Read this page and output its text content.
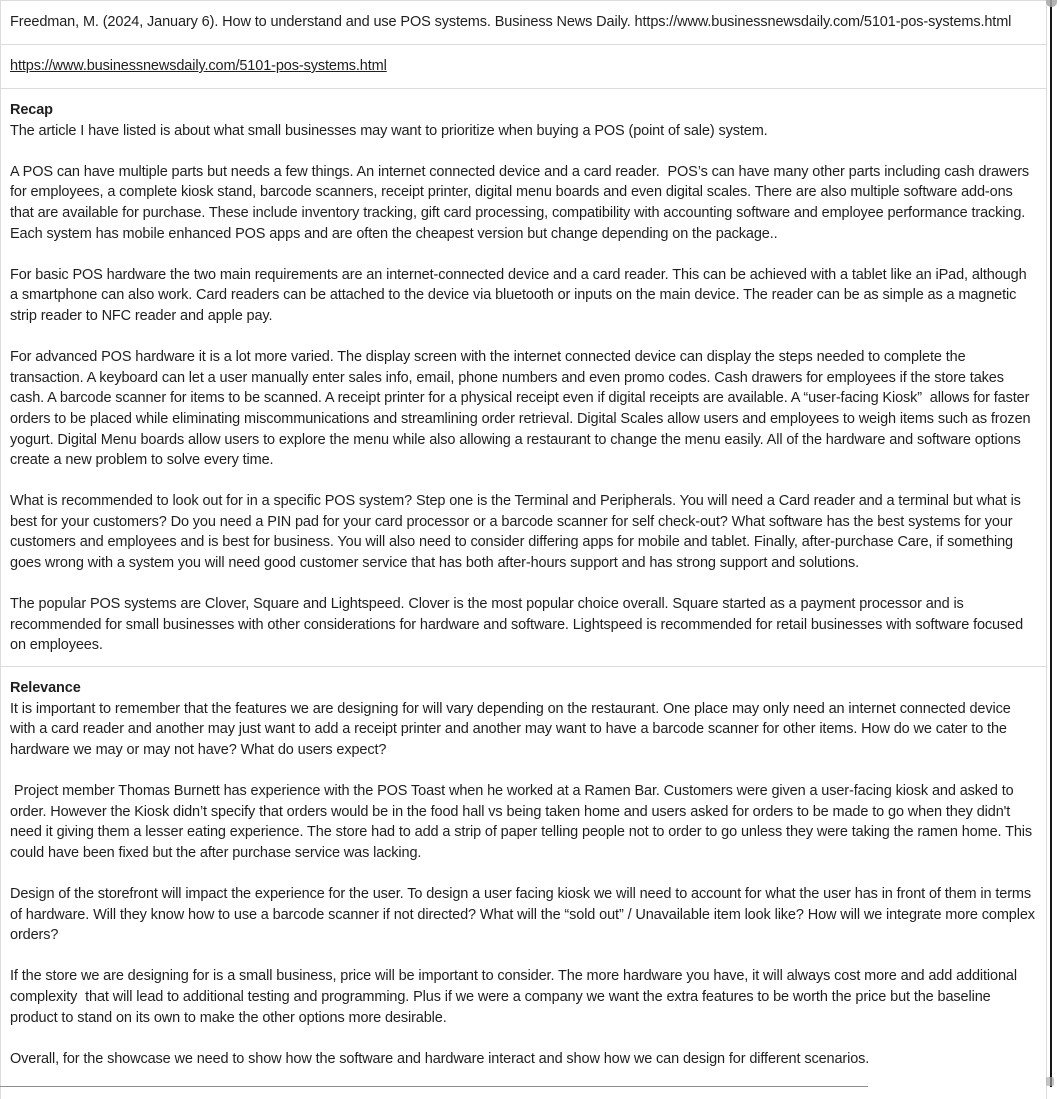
Freedman, M. (2024, January 6). How to understand and use POS systems. Business News Daily. https://www.businessnewsdaily.com/5101-pos-systems.html
https://www.businessnewsdaily.com/5101-pos-systems.html
Recap

The article I have listed is about what small businesses may want to prioritize when buying a POS (point of sale) system.

A POS can have multiple parts but needs a few things. An internet connected device and a card reader.  POS’s can have many other parts including cash drawers for employees, a complete kiosk stand, barcode scanners, receipt printer, digital menu boards and even digital scales. There are also multiple software add-ons that are available for purchase. These include inventory tracking, gift card processing, compatibility with accounting software and employee performance tracking. Each system has mobile enhanced POS apps and are often the cheapest version but change depending on the package..

For basic POS hardware the two main requirements are an internet-connected device and a card reader. This can be achieved with a tablet like an iPad, although a smartphone can also work. Card readers can be attached to the device via bluetooth or inputs on the main device. The reader can be as simple as a magnetic strip reader to NFC reader and apple pay.

For advanced POS hardware it is a lot more varied. The display screen with the internet connected device can display the steps needed to complete the transaction. A keyboard can let a user manually enter sales info, email, phone numbers and even promo codes. Cash drawers for employees if the store takes cash. A barcode scanner for items to be scanned. A receipt printer for a physical receipt even if digital receipts are available. A “user-facing Kiosk”  allows for faster orders to be placed while eliminating miscommunications and streamlining order retrieval. Digital Scales allow users and employees to weigh items such as frozen yogurt. Digital Menu boards allow users to explore the menu while also allowing a restaurant to change the menu easily. All of the hardware and software options create a new problem to solve every time.

What is recommended to look out for in a specific POS system? Step one is the Terminal and Peripherals. You will need a Card reader and a terminal but what is best for your customers? Do you need a PIN pad for your card processor or a barcode scanner for self check-out? What software has the best systems for your customers and employees and is best for business. You will also need to consider differing apps for mobile and tablet. Finally, after-purchase Care, if something goes wrong with a system you will need good customer service that has both after-hours support and has strong support and solutions.

The popular POS systems are Clover, Square and Lightspeed. Clover is the most popular choice overall. Square started as a payment processor and is recommended for small businesses with other considerations for hardware and software. Lightspeed is recommended for retail businesses with software focused on employees.

Relevance

It is important to remember that the features we are designing for will vary depending on the restaurant. One place may only need an internet connected device with a card reader and another may just want to add a receipt printer and another may want to have a barcode scanner for other items. How do we cater to the hardware we may or may not have? What do users expect?

Project member Thomas Burnett has experience with the POS Toast when he worked at a Ramen Bar. Customers were given a user-facing kiosk and asked to order. However the Kiosk didn’t specify that orders would be in the food hall vs being taken home and users asked for orders to be made to go when they didn't need it giving them a lesser eating experience. The store had to add a strip of paper telling people not to order to go unless they were taking the ramen home. This could have been fixed but the after purchase service was lacking.

Design of the storefront will impact the experience for the user. To design a user facing kiosk we will need to account for what the user has in front of them in terms of hardware. Will they know how to use a barcode scanner if not directed? What will the “sold out” / Unavailable item look like? How will we integrate more complex orders?

If the store we are designing for is a small business, price will be important to consider. The more hardware you have, it will always cost more and add additional complexity  that will lead to additional testing and programming. Plus if we were a company we want the extra features to be worth the price but the baseline product to stand on its own to make the other options more desirable.

Overall, for the showcase we need to show how the software and hardware interact and show how we can design for different scenarios.
